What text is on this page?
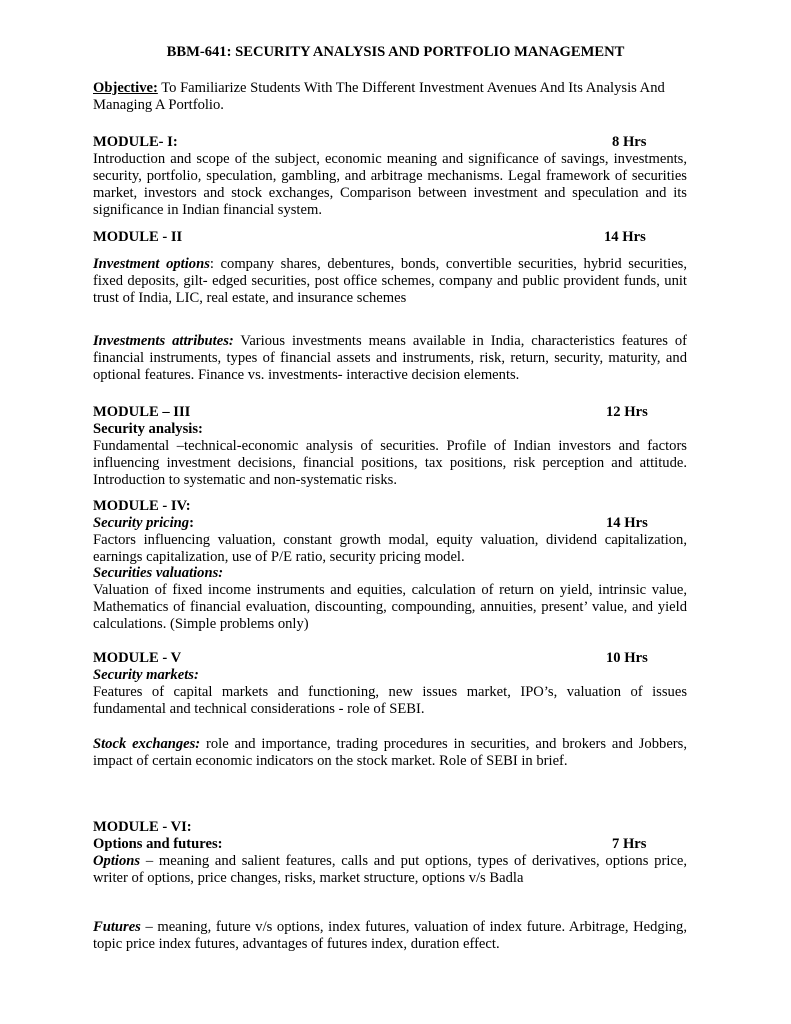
BBM-641: SECURITY ANALYSIS AND PORTFOLIO MANAGEMENT
Objective: To Familiarize Students With The Different Investment Avenues And Its Analysis And Managing A Portfolio.
MODULE- I:	8 Hrs
Introduction and scope of the subject, economic meaning and significance of savings, investments, security, portfolio, speculation, gambling, and arbitrage mechanisms. Legal framework of securities market, investors and stock exchanges, Comparison between investment and speculation and its significance in Indian financial system.
MODULE - II	14 Hrs
Investment options: company shares, debentures, bonds, convertible securities, hybrid securities, fixed deposits, gilt- edged securities, post office schemes, company and public provident funds, unit trust of India, LIC, real estate, and insurance schemes
Investments attributes: Various investments means available in India, characteristics features of financial instruments, types of financial assets and instruments, risk, return, security, maturity, and optional features. Finance vs. investments- interactive decision elements.
MODULE – III	12 Hrs
Security analysis:
Fundamental –technical-economic analysis of securities. Profile of Indian investors and factors influencing investment decisions, financial positions, tax positions, risk perception and attitude. Introduction to systematic and non-systematic risks.
MODULE - IV:
Security pricing:	14 Hrs
Factors influencing valuation, constant growth modal, equity valuation, dividend capitalization, earnings capitalization, use of P/E ratio, security pricing model.
Securities valuations:
Valuation of fixed income instruments and equities, calculation of return on yield, intrinsic value, Mathematics of financial evaluation, discounting, compounding, annuities, present’ value, and yield calculations. (Simple problems only)
MODULE - V	10 Hrs
Security markets:
Features of capital markets and functioning, new issues market, IPO’s, valuation of issues fundamental and technical considerations - role of SEBI.
Stock exchanges: role and importance, trading procedures in securities, and brokers and Jobbers, impact of certain economic indicators on the stock market. Role of SEBI in brief.
MODULE - VI:
Options and futures:	7 Hrs
Options – meaning and salient features, calls and put options, types of derivatives, options price, writer of options, price changes, risks, market structure, options v/s Badla
Futures – meaning, future v/s options, index futures, valuation of index future. Arbitrage, Hedging, topic price index futures, advantages of futures index, duration effect.
